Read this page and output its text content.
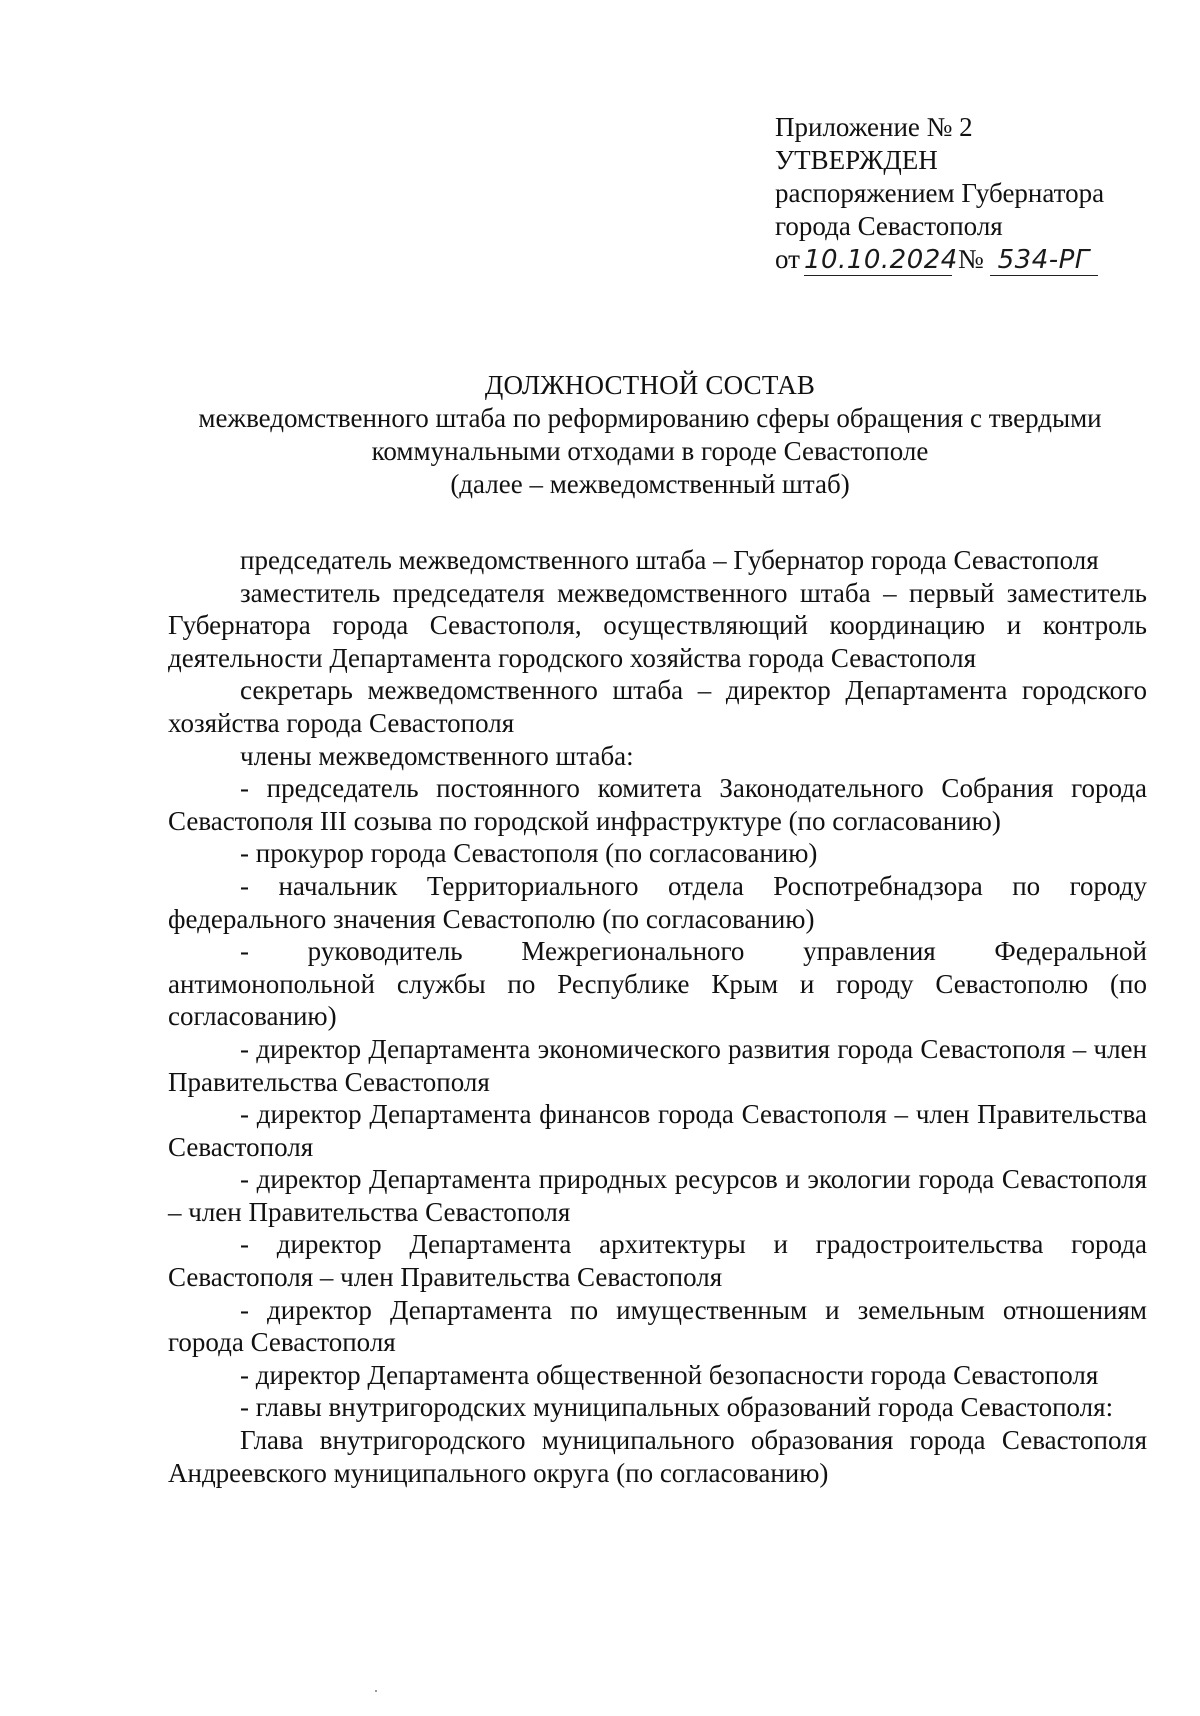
Приложение № 2
УТВЕРЖДЕН
распоряжением Губернатора
города Севастополя
от 10.10.2024№ 534-РГ
ДОЛЖНОСТНОЙ СОСТАВ
межведомственного штаба по реформированию сферы обращения с твердыми
коммунальными отходами в городе Севастополе
(далее – межведомственный штаб)

председатель межведомственного штаба – Губернатор города Севастополя

заместитель председателя межведомственного штаба – первый заместитель Губернатора города Севастополя, осуществляющий координацию и контроль деятельности Департамента городского хозяйства города Севастополя

секретарь межведомственного штаба – директор Департамента городского хозяйства города Севастополя

члены межведомственного штаба:

- председатель постоянного комитета Законодательного Собрания города Севастополя III созыва по городской инфраструктуре (по согласованию)

- прокурор города Севастополя (по согласованию)

- начальник Территориального отдела Роспотребнадзора по городу федерального значения Севастополю (по согласованию)

- руководитель Межрегионального управления Федеральной антимонопольной службы по Республике Крым и городу Севастополю (по согласованию)

- директор Департамента экономического развития города Севастополя – член Правительства Севастополя

- директор Департамента финансов города Севастополя – член Правительства Севастополя

- директор Департамента природных ресурсов и экологии города Севастополя – член Правительства Севастополя

- директор Департамента архитектуры и градостроительства города Севастополя – член Правительства Севастополя

- директор Департамента по имущественным и земельным отношениям города Севастополя

- директор Департамента общественной безопасности города Севастополя

- главы внутригородских муниципальных образований города Севастополя:

Глава внутригородского муниципального образования города Севастополя Андреевского муниципального округа (по согласованию)
